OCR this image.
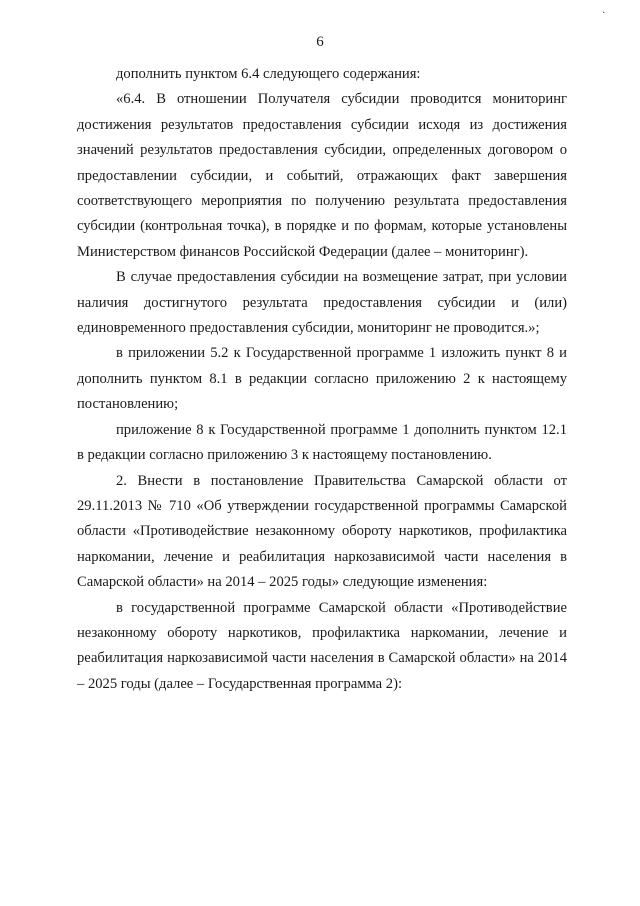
·
6

дополнить пунктом 6.4 следующего содержания:

«6.4. В отношении Получателя субсидии проводится мониторинг достижения результатов предоставления субсидии исходя из достижения значений результатов предоставления субсидии, определенных договором о предоставлении субсидии, и событий, отражающих факт завершения соответствующего мероприятия по получению результата предоставления субсидии (контрольная точка), в порядке и по формам, которые установлены Министерством финансов Российской Федерации (далее – мониторинг).

В случае предоставления субсидии на возмещение затрат, при условии наличия достигнутого результата предоставления субсидии и (или) единовременного предоставления субсидии, мониторинг не проводится.»;

в приложении 5.2 к Государственной программе 1 изложить пункт 8 и дополнить пунктом 8.1 в редакции согласно приложению 2 к настоящему постановлению;

приложение 8 к Государственной программе 1 дополнить пунктом 12.1 в редакции согласно приложению 3 к настоящему постановлению.

2. Внести в постановление Правительства Самарской области от 29.11.2013 № 710 «Об утверждении государственной программы Самарской области «Противодействие незаконному обороту наркотиков, профилактика наркомании, лечение и реабилитация наркозависимой части населения в Самарской области» на 2014 – 2025 годы» следующие изменения:

в государственной программе Самарской области «Противодействие незаконному обороту наркотиков, профилактика наркомании, лечение и реабилитация наркозависимой части населения в Самарской области» на 2014 – 2025 годы (далее – Государственная программа 2):
